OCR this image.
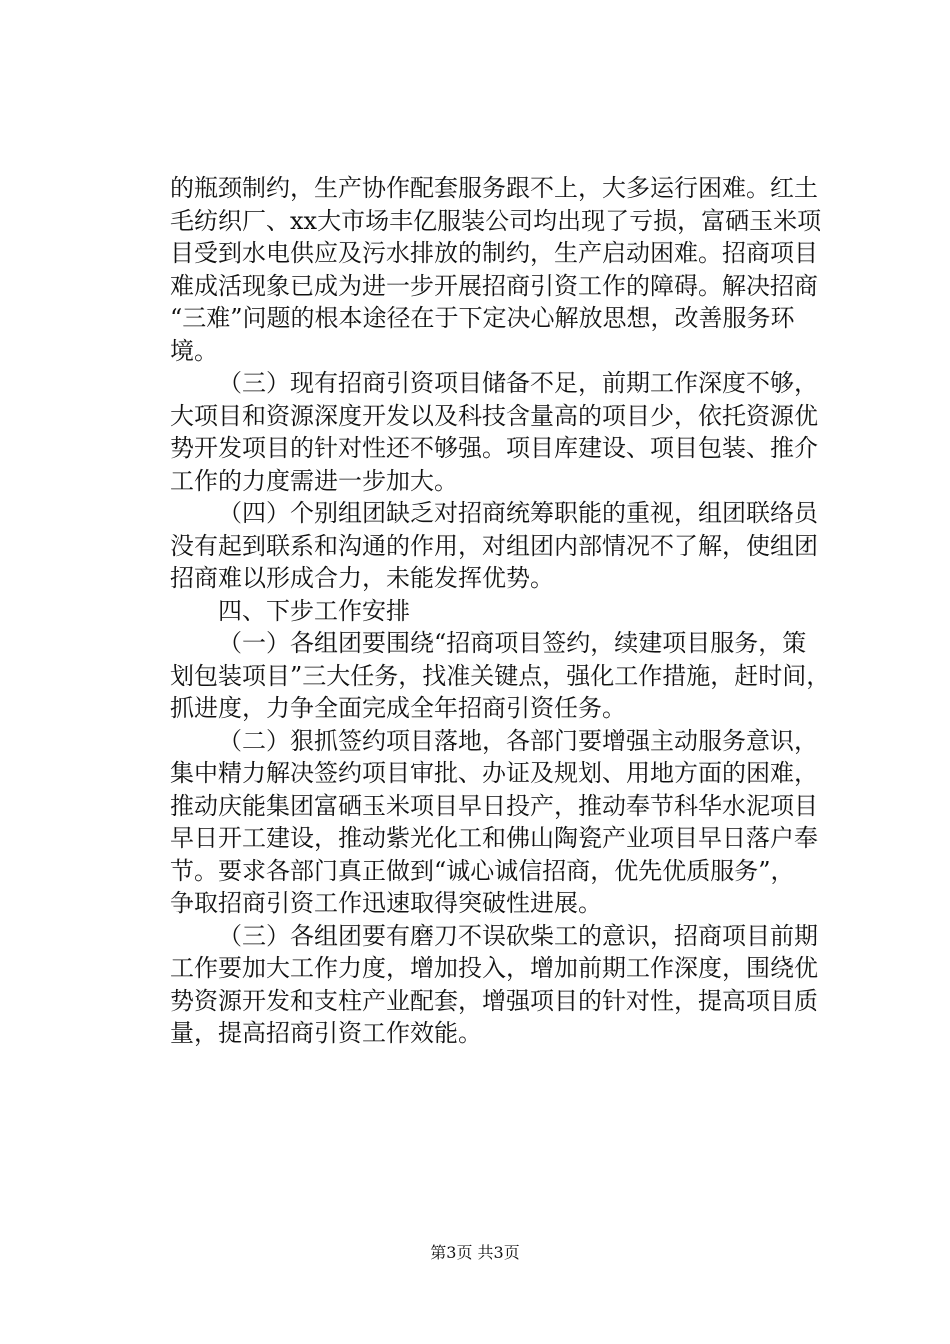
的瓶颈制约，生产协作配套服务跟不上，大多运行困难。红土
毛纺织厂、xx大市场丰亿服装公司均出现了亏损，富硒玉米项
目受到水电供应及污水排放的制约，生产启动困难。招商项目
难成活现象已成为进一步开展招商引资工作的障碍。解决招商
“三难”问题的根本途径在于下定决心解放思想，改善服务环
境。
（三）现有招商引资项目储备不足，前期工作深度不够，
大项目和资源深度开发以及科技含量高的项目少，依托资源优
势开发项目的针对性还不够强。项目库建设、项目包装、推介
工作的力度需进一步加大。
（四）个别组团缺乏对招商统筹职能的重视，组团联络员
没有起到联系和沟通的作用，对组团内部情况不了解，使组团
招商难以形成合力，未能发挥优势。
四、下步工作安排
（一）各组团要围绕“招商项目签约，续建项目服务，策
划包装项目”三大任务，找准关键点，强化工作措施，赶时间，
抓进度，力争全面完成全年招商引资任务。
（二）狠抓签约项目落地，各部门要增强主动服务意识，
集中精力解决签约项目审批、办证及规划、用地方面的困难，
推动庆能集团富硒玉米项目早日投产，推动奉节科华水泥项目
早日开工建设，推动紫光化工和佛山陶瓷产业项目早日落户奉
节。要求各部门真正做到“诚心诚信招商，优先优质服务”，
争取招商引资工作迅速取得突破性进展。
（三）各组团要有磨刀不误砍柴工的意识，招商项目前期
工作要加大工作力度，增加投入，增加前期工作深度，围绕优
势资源开发和支柱产业配套，增强项目的针对性，提高项目质
量，提高招商引资工作效能。
第3页 共3页
